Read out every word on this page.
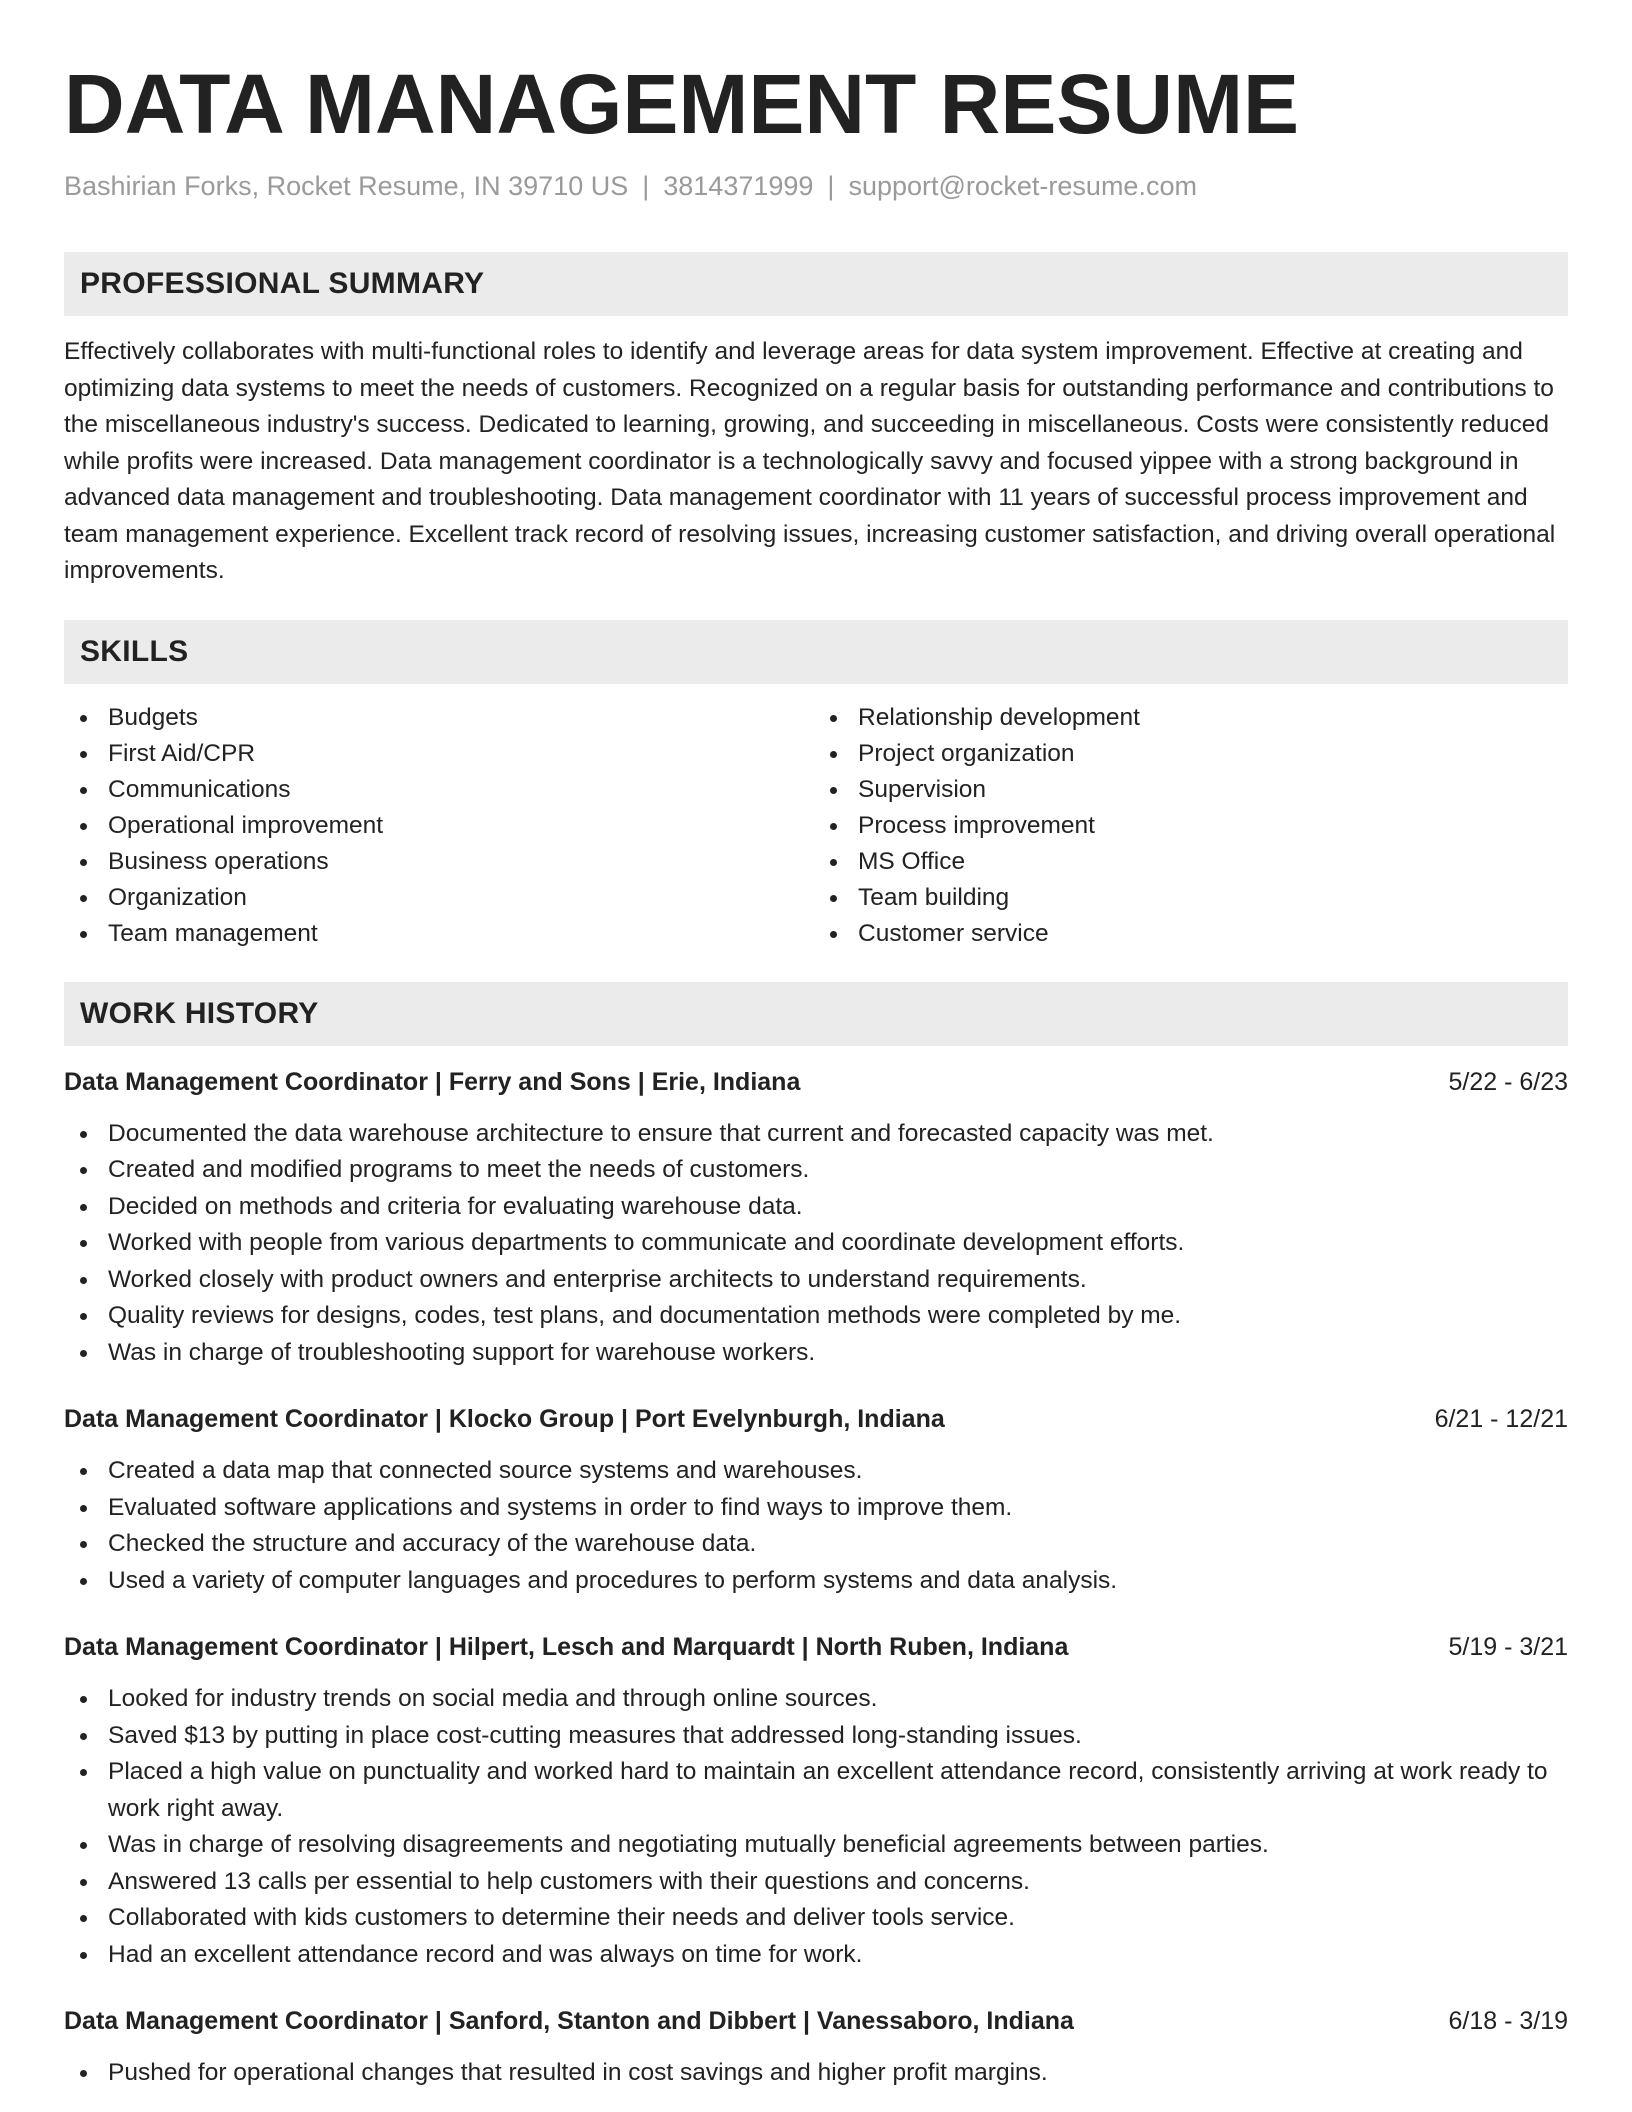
DATA MANAGEMENT RESUME
Bashirian Forks, Rocket Resume, IN 39710 US | 3814371999 | support@rocket-resume.com
PROFESSIONAL SUMMARY

Effectively collaborates with multi-functional roles to identify and leverage areas for data system improvement. Effective at creating and optimizing data systems to meet the needs of customers. Recognized on a regular basis for outstanding performance and contributions to the miscellaneous industry's success. Dedicated to learning, growing, and succeeding in miscellaneous. Costs were consistently reduced while profits were increased. Data management coordinator is a technologically savvy and focused yippee with a strong background in advanced data management and troubleshooting. Data management coordinator with 11 years of successful process improvement and team management experience. Excellent track record of resolving issues, increasing customer satisfaction, and driving overall operational improvements.

SKILLS
Budgets
First Aid/CPR
Communications
Operational improvement
Business operations
Organization
Team management
Relationship development
Project organization
Supervision
Process improvement
MS Office
Team building
Customer service
WORK HISTORY
Data Management Coordinator | Ferry and Sons | Erie, Indiana	5/22 - 6/23
Documented the data warehouse architecture to ensure that current and forecasted capacity was met.
Created and modified programs to meet the needs of customers.
Decided on methods and criteria for evaluating warehouse data.
Worked with people from various departments to communicate and coordinate development efforts.
Worked closely with product owners and enterprise architects to understand requirements.
Quality reviews for designs, codes, test plans, and documentation methods were completed by me.
Was in charge of troubleshooting support for warehouse workers.
Data Management Coordinator | Klocko Group | Port Evelynburgh, Indiana	6/21 - 12/21
Created a data map that connected source systems and warehouses.
Evaluated software applications and systems in order to find ways to improve them.
Checked the structure and accuracy of the warehouse data.
Used a variety of computer languages and procedures to perform systems and data analysis.
Data Management Coordinator | Hilpert, Lesch and Marquardt | North Ruben, Indiana	5/19 - 3/21
Looked for industry trends on social media and through online sources.
Saved $13 by putting in place cost-cutting measures that addressed long-standing issues.
Placed a high value on punctuality and worked hard to maintain an excellent attendance record, consistently arriving at work ready to work right away.
Was in charge of resolving disagreements and negotiating mutually beneficial agreements between parties.
Answered 13 calls per essential to help customers with their questions and concerns.
Collaborated with kids customers to determine their needs and deliver tools service.
Had an excellent attendance record and was always on time for work.
Data Management Coordinator | Sanford, Stanton and Dibbert | Vanessaboro, Indiana	6/18 - 3/19
Pushed for operational changes that resulted in cost savings and higher profit margins.
